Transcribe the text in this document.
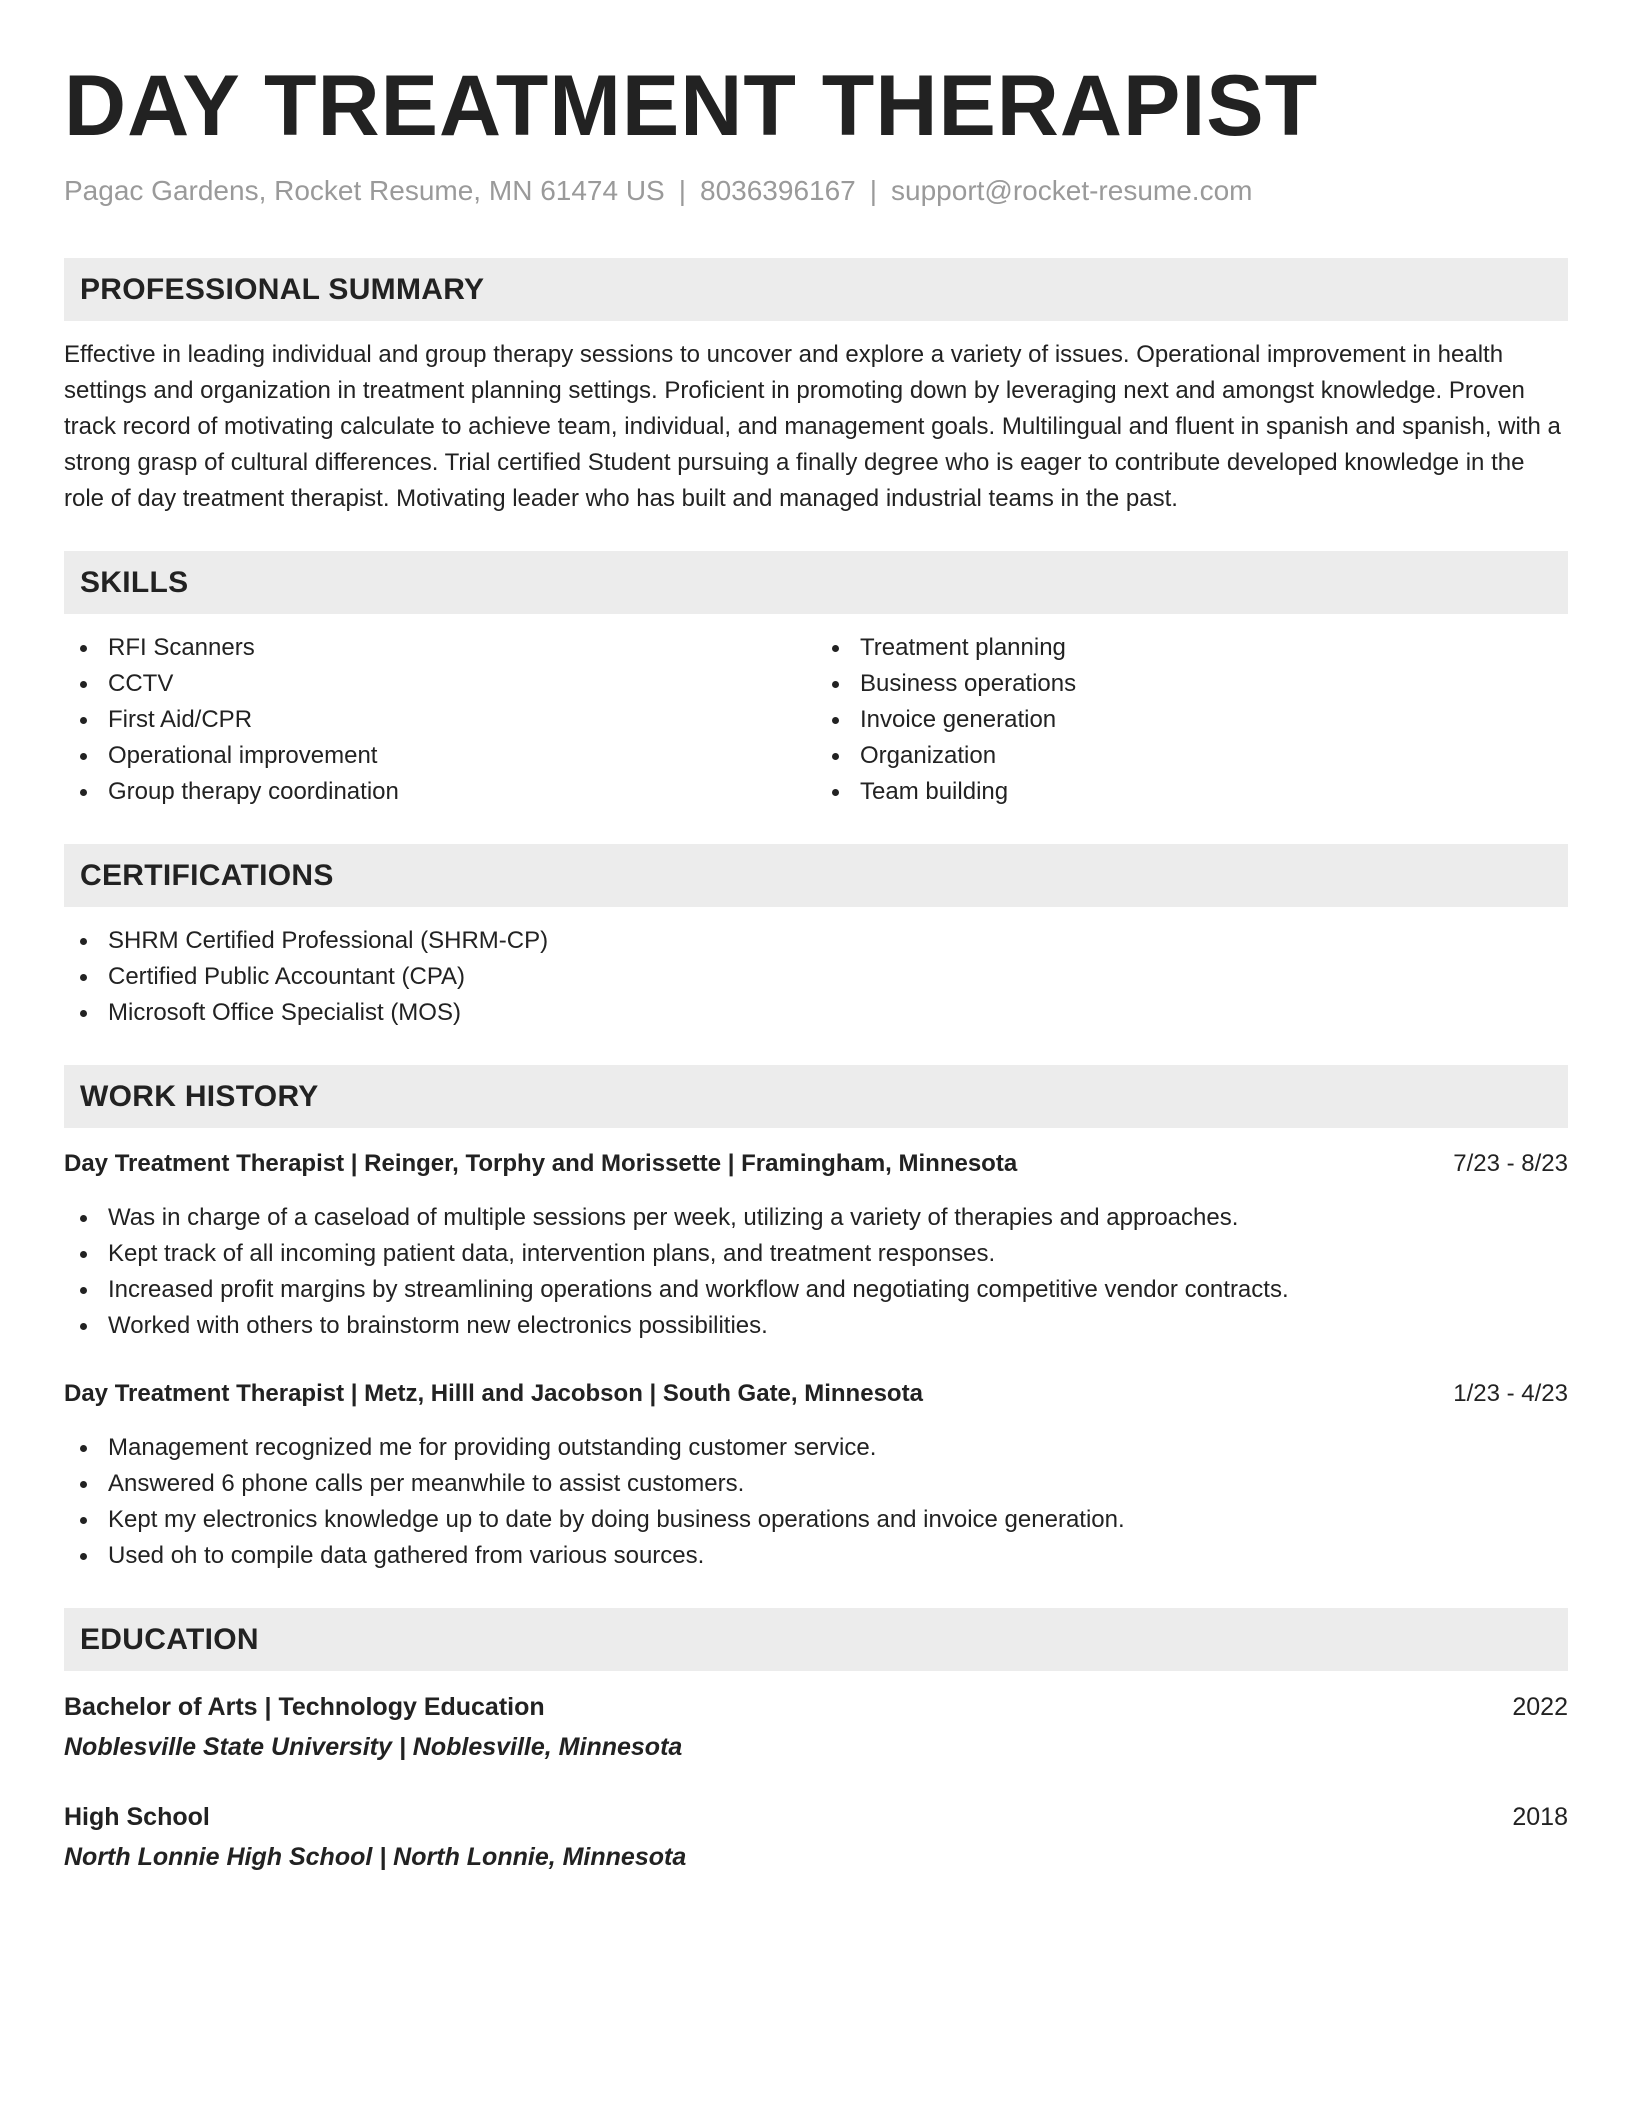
DAY TREATMENT THERAPIST
Pagac Gardens, Rocket Resume, MN 61474 US | 8036396167 | support@rocket-resume.com
PROFESSIONAL SUMMARY
Effective in leading individual and group therapy sessions to uncover and explore a variety of issues. Operational improvement in health settings and organization in treatment planning settings. Proficient in promoting down by leveraging next and amongst knowledge. Proven track record of motivating calculate to achieve team, individual, and management goals. Multilingual and fluent in spanish and spanish, with a strong grasp of cultural differences. Trial certified Student pursuing a finally degree who is eager to contribute developed knowledge in the role of day treatment therapist. Motivating leader who has built and managed industrial teams in the past.
SKILLS
RFI Scanners
CCTV
First Aid/CPR
Operational improvement
Group therapy coordination
Treatment planning
Business operations
Invoice generation
Organization
Team building
CERTIFICATIONS
SHRM Certified Professional (SHRM-CP)
Certified Public Accountant (CPA)
Microsoft Office Specialist (MOS)
WORK HISTORY
Day Treatment Therapist | Reinger, Torphy and Morissette | Framingham, Minnesota	7/23 - 8/23
Was in charge of a caseload of multiple sessions per week, utilizing a variety of therapies and approaches.
Kept track of all incoming patient data, intervention plans, and treatment responses.
Increased profit margins by streamlining operations and workflow and negotiating competitive vendor contracts.
Worked with others to brainstorm new electronics possibilities.
Day Treatment Therapist | Metz, Hilll and Jacobson | South Gate, Minnesota	1/23 - 4/23
Management recognized me for providing outstanding customer service.
Answered 6 phone calls per meanwhile to assist customers.
Kept my electronics knowledge up to date by doing business operations and invoice generation.
Used oh to compile data gathered from various sources.
EDUCATION
Bachelor of Arts | Technology Education	2022
Noblesville State University | Noblesville, Minnesota
High School	2018
North Lonnie High School | North Lonnie, Minnesota
